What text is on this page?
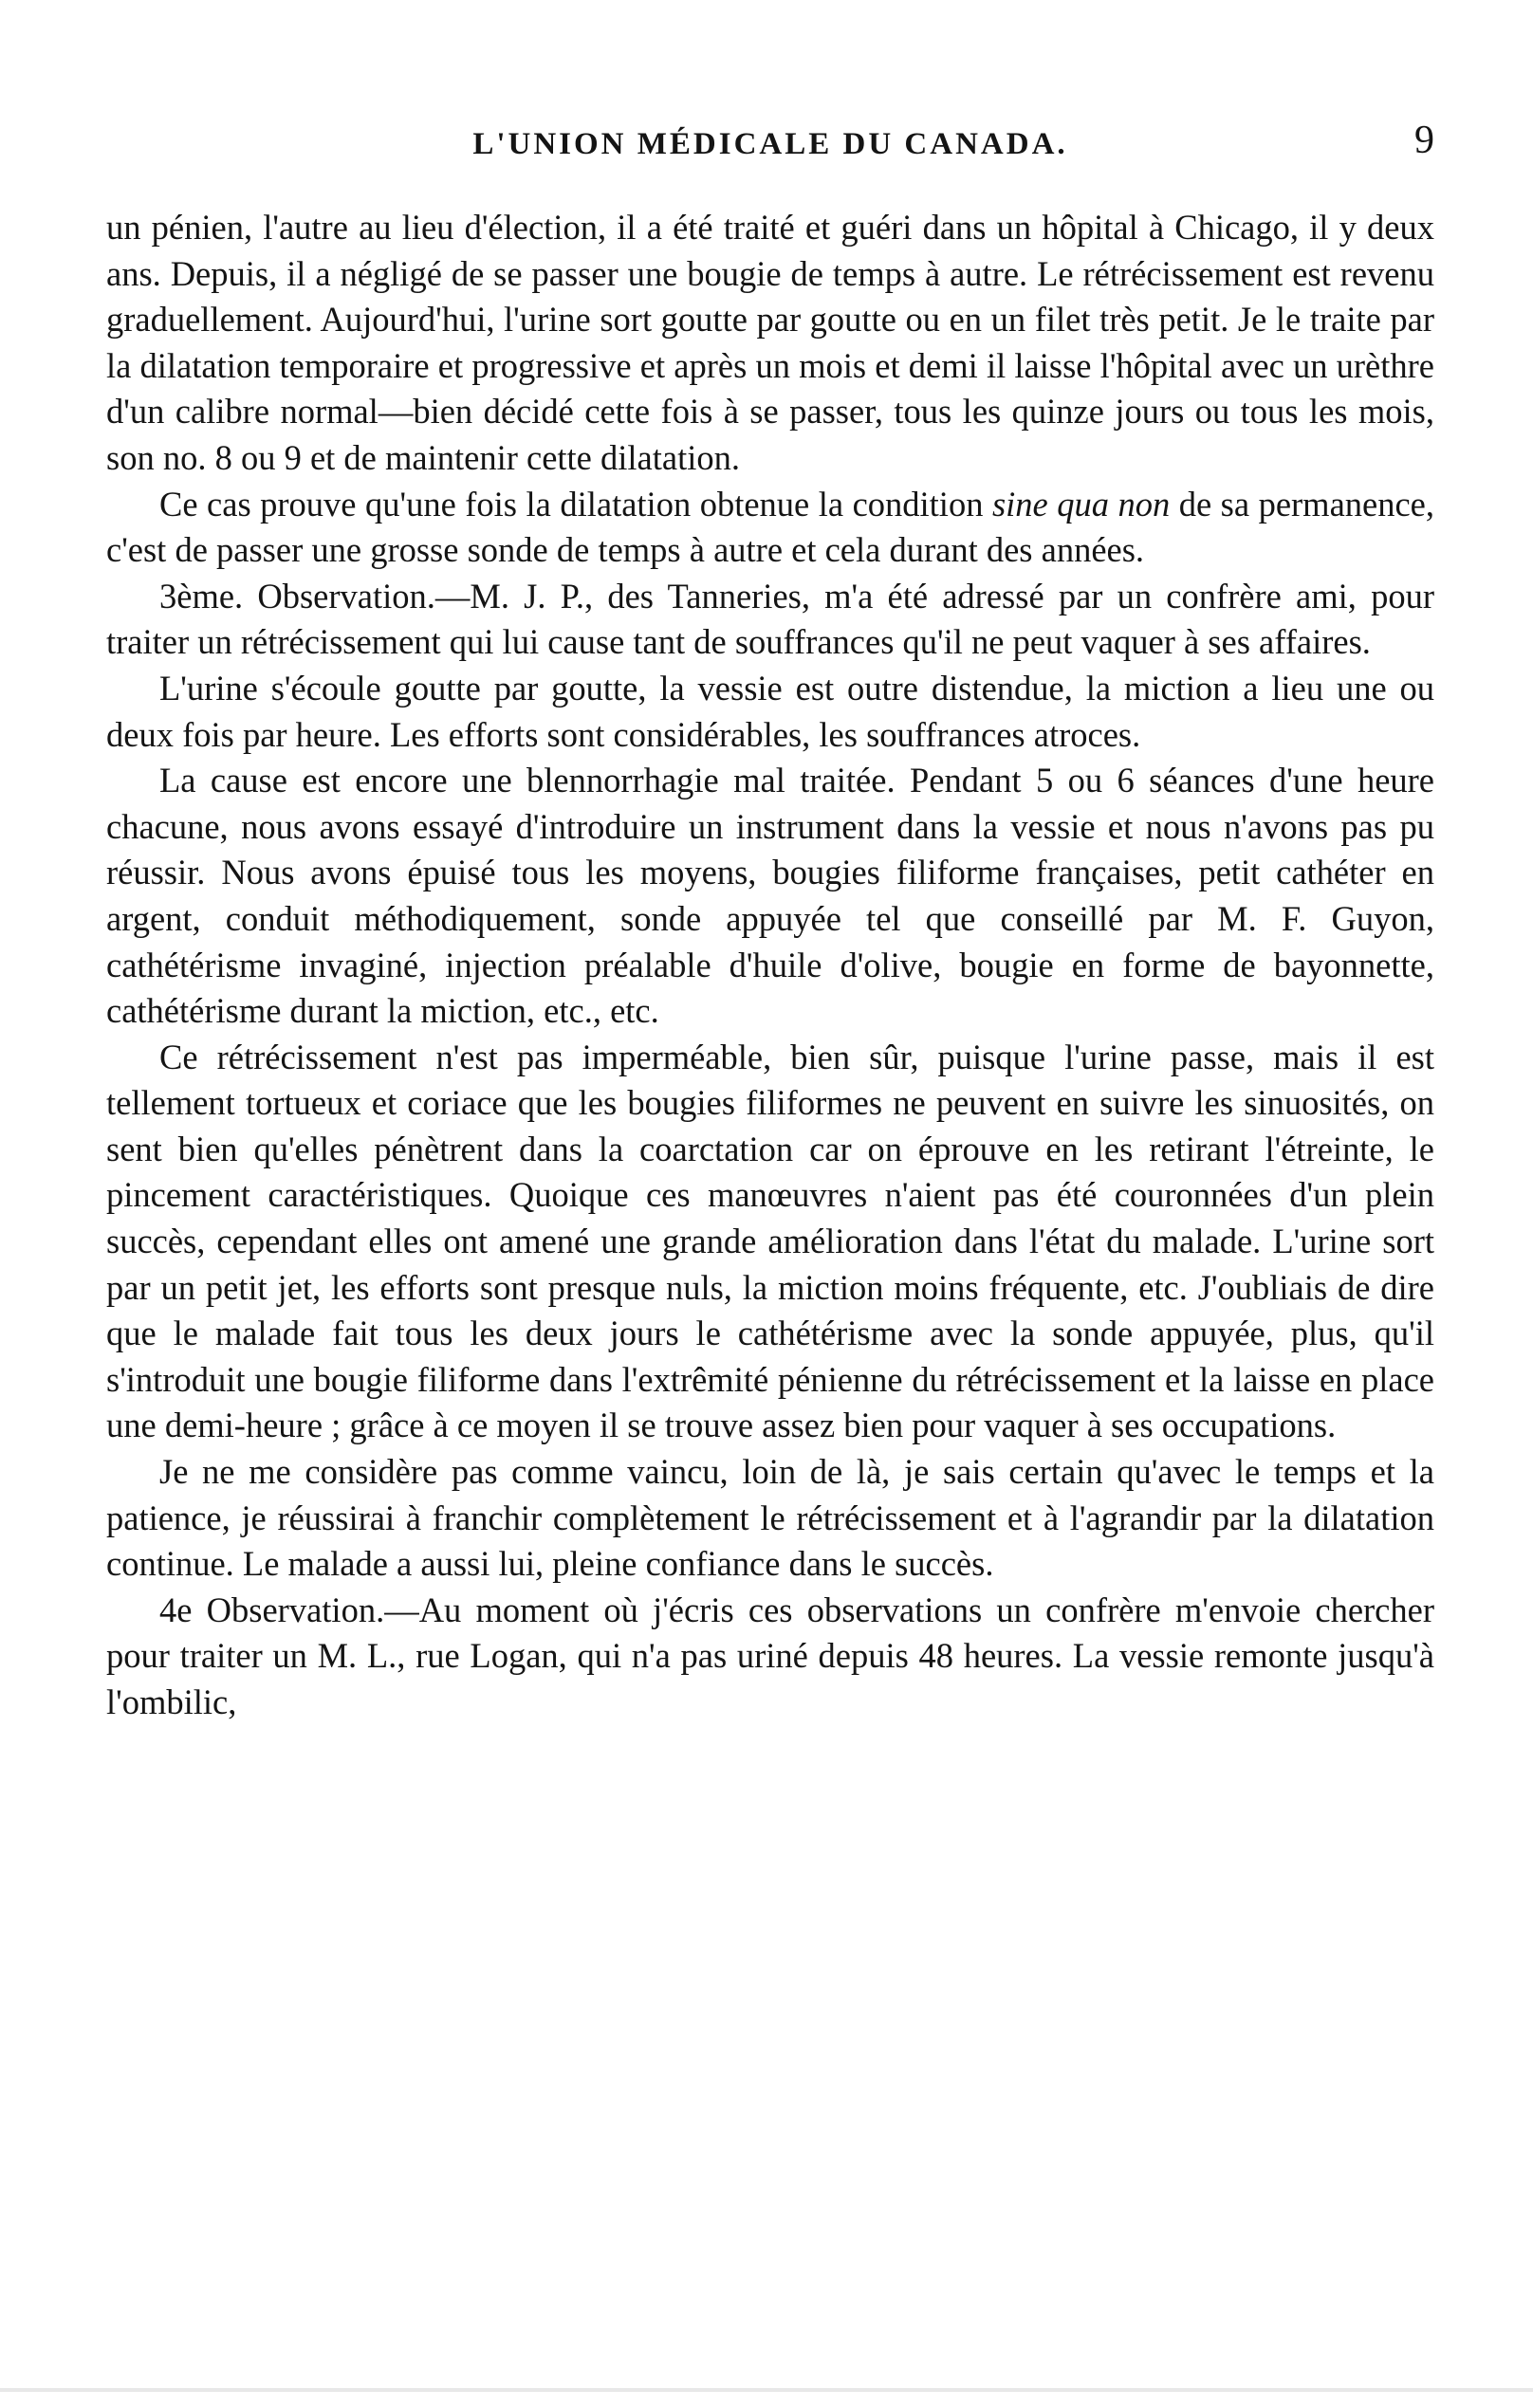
L'UNION MÉDICALE DU CANADA.	9

un pénien, l'autre au lieu d'élection, il a été traité et guéri dans un hôpital à Chicago, il y deux ans. Depuis, il a négligé de se passer une bougie de temps à autre. Le rétrécissement est revenu graduellement. Aujourd'hui, l'urine sort goutte par goutte ou en un filet très petit. Je le traite par la dilatation temporaire et progressive et après un mois et demi il laisse l'hôpital avec un urèthre d'un calibre normal—bien décidé cette fois à se passer, tous les quinze jours ou tous les mois, son no. 8 ou 9 et de maintenir cette dilatation.

Ce cas prouve qu'une fois la dilatation obtenue la condition sine qua non de sa permanence, c'est de passer une grosse sonde de temps à autre et cela durant des années.

3ème. Observation.—M. J. P., des Tanneries, m'a été adressé par un confrère ami, pour traiter un rétrécissement qui lui cause tant de souffrances qu'il ne peut vaquer à ses affaires.

L'urine s'écoule goutte par goutte, la vessie est outre distendue, la miction a lieu une ou deux fois par heure. Les efforts sont considérables, les souffrances atroces.

La cause est encore une blennorrhagie mal traitée. Pendant 5 ou 6 séances d'une heure chacune, nous avons essayé d'introduire un instrument dans la vessie et nous n'avons pas pu réussir. Nous avons épuisé tous les moyens, bougies filiforme françaises, petit cathéter en argent, conduit méthodiquement, sonde appuyée tel que conseillé par M. F. Guyon, cathétérisme invaginé, injection préalable d'huile d'olive, bougie en forme de bayonnette, cathétérisme durant la miction, etc., etc.

Ce rétrécissement n'est pas imperméable, bien sûr, puisque l'urine passe, mais il est tellement tortueux et coriace que les bougies filiformes ne peuvent en suivre les sinuosités, on sent bien qu'elles pénètrent dans la coarctation car on éprouve en les retirant l'étreinte, le pincement caractéristiques. Quoique ces manœuvres n'aient pas été couronnées d'un plein succès, cependant elles ont amené une grande amélioration dans l'état du malade. L'urine sort par un petit jet, les efforts sont presque nuls, la miction moins fréquente, etc. J'oubliais de dire que le malade fait tous les deux jours le cathétérisme avec la sonde appuyée, plus, qu'il s'introduit une bougie filiforme dans l'extrêmité pénienne du rétrécissement et la laisse en place une demi-heure ; grâce à ce moyen il se trouve assez bien pour vaquer à ses occupations.

Je ne me considère pas comme vaincu, loin de là, je sais certain qu'avec le temps et la patience, je réussirai à franchir complètement le rétrécissement et à l'agrandir par la dilatation continue. Le malade a aussi lui, pleine confiance dans le succès.

4e Observation.—Au moment où j'écris ces observations un confrère m'envoie chercher pour traiter un M. L., rue Logan, qui n'a pas uriné depuis 48 heures. La vessie remonte jusqu'à l'ombilic,
